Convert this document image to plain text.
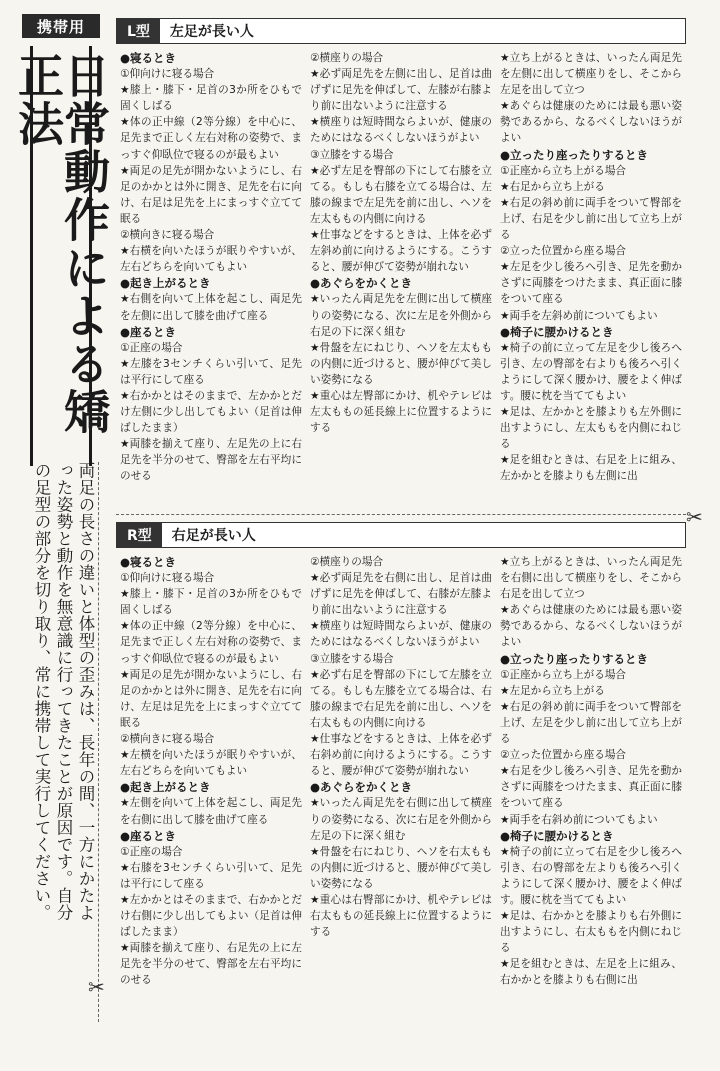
携帯用
日常動作による矯正法

両足の長さの違いと体型の歪みは、長年の間、一方にかたよった姿勢と動作を無意識に行ってきたことが原因です。自分の足型の部分を切り取り、常に携帯して実行してください。

✂
✂
L型	左足が長い人
●寝るとき
①仰向けに寝る場合
★膝上・膝下・足首の3か所をひもで固くしばる
★体の正中線（2等分線）を中心に、足先まで正しく左右対称の姿勢で、まっすぐ仰臥位で寝るのが最もよい
★両足の足先が開かないようにし、右足のかかとは外に開き、足先を右に向け、右足は足先を上にまっすぐ立てて眠る
②横向きに寝る場合
★右横を向いたほうが眠りやすいが、左右どちらを向いてもよい
●起き上がるとき
★右側を向いて上体を起こし、両足先を左側に出して膝を曲げて座る
●座るとき
①正座の場合
★左膝を3センチくらい引いて、足先は平行にして座る
★右かかとはそのままで、左かかとだけ左側に少し出してもよい（足首は伸ばしたまま）
★両膝を揃えて座り、左足先の上に右足先を半分のせて、臀部を左右平均にのせる
②横座りの場合
★必ず両足先を左側に出し、足首は曲げずに足先を伸ばして、左膝が右膝より前に出ないように注意する
★横座りは短時間ならよいが、健康のためにはなるべくしないほうがよい
③立膝をする場合
★必ず左足を臀部の下にして右膝を立てる。もしも右膝を立てる場合は、左膝の線まで左足先を前に出し、ヘソを左太ももの内側に向ける
★仕事などをするときは、上体を必ず左斜め前に向けるようにする。こうすると、腰が伸びて姿勢が崩れない
●あぐらをかくとき
★いったん両足先を左側に出して横座りの姿勢になる、次に左足を外側から右足の下に深く組む
★骨盤を左にねじり、ヘソを左太ももの内側に近づけると、腰が伸びて美しい姿勢になる
★重心は左臀部にかけ、机やテレビは左太ももの延長線上に位置するようにする
★立ち上がるときは、いったん両足先を左側に出して横座りをし、そこから左足を出して立つ
★あぐらは健康のためには最も悪い姿勢であるから、なるべくしないほうがよい
●立ったり座ったりするとき
①正座から立ち上がる場合
★右足から立ち上がる
★右足の斜め前に両手をついて臀部を上げ、右足を少し前に出して立ち上がる
②立った位置から座る場合
★左足を少し後ろへ引き、足先を動かさずに両膝をつけたまま、真正面に膝をついて座る
★両手を左斜め前についてもよい
●椅子に腰かけるとき
★椅子の前に立って左足を少し後ろへ引き、左の臀部を右よりも後ろへ引くようにして深く腰かけ、腰をよく伸ばす。腰に枕を当ててもよい
★足は、左かかとを膝よりも左外側に出すようにし、左太ももを内側にねじる
★足を組むときは、右足を上に組み、左かかとを膝よりも左側に出
R型	右足が長い人
●寝るとき
①仰向けに寝る場合
★膝上・膝下・足首の3か所をひもで固くしばる
★体の正中線（2等分線）を中心に、足先まで正しく左右対称の姿勢で、まっすぐ仰臥位で寝るのが最もよい
★両足の足先が開かないようにし、右足のかかとは外に開き、足先を右に向け、左足は足先を上にまっすぐ立てて眠る
②横向きに寝る場合
★左横を向いたほうが眠りやすいが、左右どちらを向いてもよい
●起き上がるとき
★左側を向いて上体を起こし、両足先を右側に出して膝を曲げて座る
●座るとき
①正座の場合
★右膝を3センチくらい引いて、足先は平行にして座る
★左かかとはそのままで、右かかとだけ右側に少し出してもよい（足首は伸ばしたまま）
★両膝を揃えて座り、右足先の上に左足先を半分のせて、臀部を左右平均にのせる
②横座りの場合
★必ず両足先を右側に出し、足首は曲げずに足先を伸ばして、右膝が左膝より前に出ないように注意する
★横座りは短時間ならよいが、健康のためにはなるべくしないほうがよい
③立膝をする場合
★必ず右足を臀部の下にして左膝を立てる。もしも左膝を立てる場合は、右膝の線まで右足先を前に出し、ヘソを右太ももの内側に向ける
★仕事などをするときは、上体を必ず右斜め前に向けるようにする。こうすると、腰が伸びて姿勢が崩れない
●あぐらをかくとき
★いったん両足先を右側に出して横座りの姿勢になる、次に右足を外側から左足の下に深く組む
★骨盤を右にねじり、ヘソを右太ももの内側に近づけると、腰が伸びて美しい姿勢になる
★重心は右臀部にかけ、机やテレビは右太ももの延長線上に位置するようにする
★立ち上がるときは、いったん両足先を右側に出して横座りをし、そこから右足を出して立つ
★あぐらは健康のためには最も悪い姿勢であるから、なるべくしないほうがよい
●立ったり座ったりするとき
①正座から立ち上がる場合
★左足から立ち上がる
★右足の斜め前に両手をついて臀部を上げ、左足を少し前に出して立ち上がる
②立った位置から座る場合
★右足を少し後ろへ引き、足先を動かさずに両膝をつけたまま、真正面に膝をついて座る
★両手を右斜め前についてもよい
●椅子に腰かけるとき
★椅子の前に立って右足を少し後ろへ引き、右の臀部を左よりも後ろへ引くようにして深く腰かけ、腰をよく伸ばす。腰に枕を当ててもよい
★足は、右かかとを膝よりも右外側に出すようにし、右太ももを内側にねじる
★足を組むときは、左足を上に組み、右かかとを膝よりも右側に出
